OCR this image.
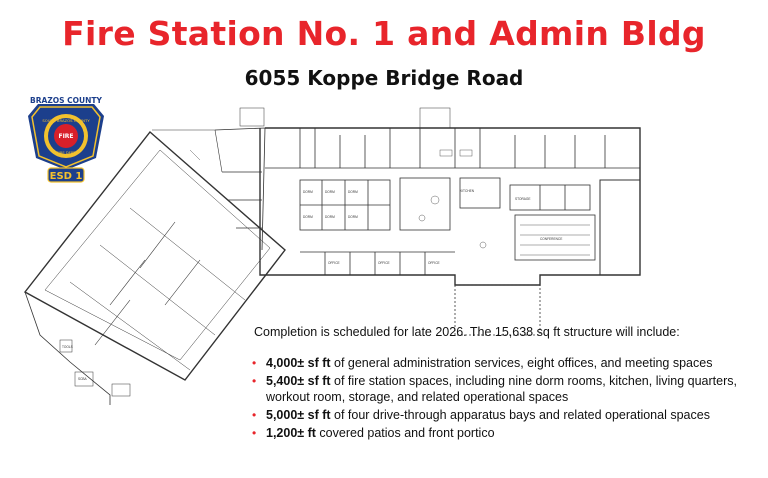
Fire Station No. 1 and Admin Bldg
6055 Koppe Bridge Road
DORM	DORM	DORM
DORM	DORM	DORM
OFFICE	OFFICE	OFFICE
STORAGE
KITCHEN
CONFERENCE
TOOLS
SCBA
BRAZOS COUNTY
SOUTH BRAZOS COUNTY
FIRE
FIRE DEPT
ESD 1
Completion is scheduled for late 2026. The 15,638 sq ft structure will include:
• 4,000± sf ft of general administration services, eight offices, and meeting spaces
• 5,400± sf ft of fire station spaces, including nine dorm rooms, kitchen, living quarters, workout room, storage, and related operational spaces
• 5,000± sf ft of four drive-through apparatus bays and related operational spaces
• 1,200± ft covered patios and front portico
